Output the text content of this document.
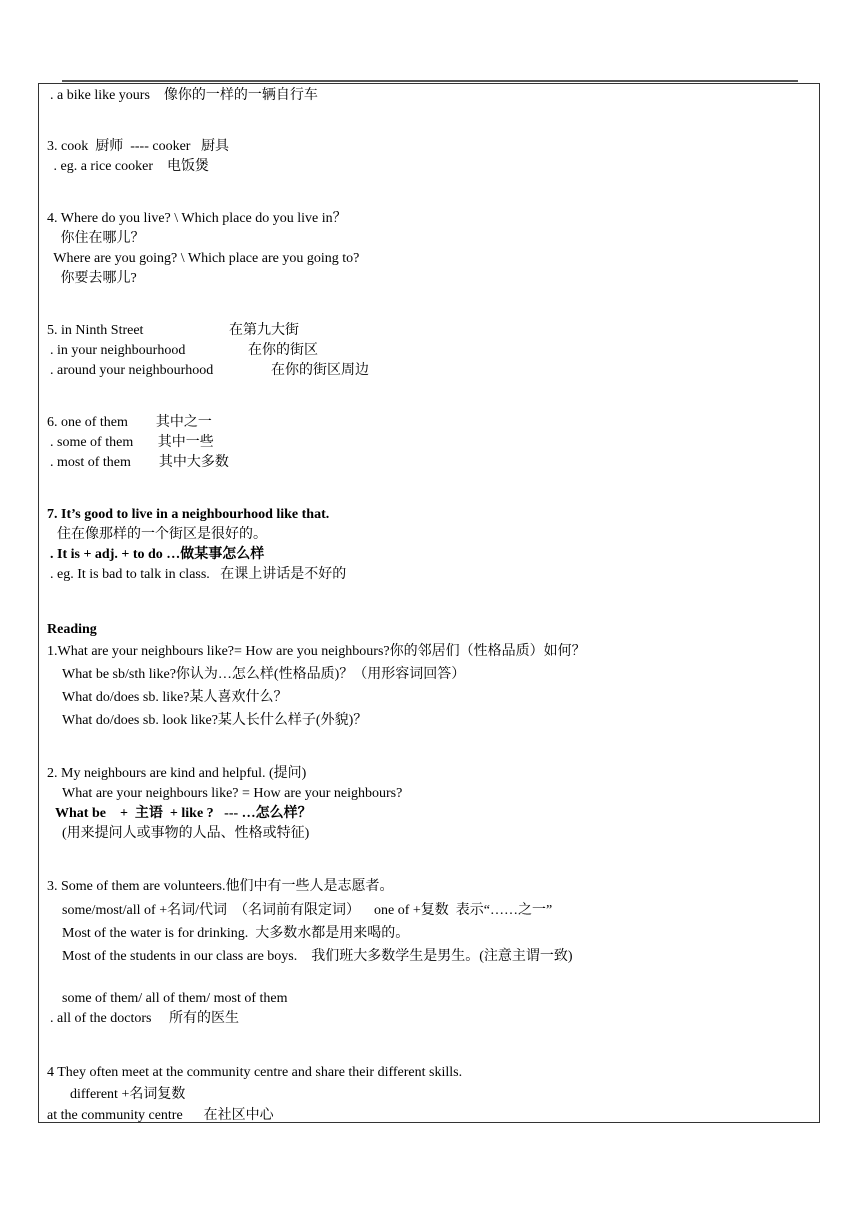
. a bike like yours    像你的一样的一辆自行车
3. cook  厨师  ---- cooker   厨具
. eg. a rice cooker    电饭煲
4. Where do you live? \ Which place do you live in？
你住在哪儿？
Where are you going? \ Which place are you going to?
你要去哪儿?
5. in Ninth Street	在第九大街
. in your neighbourhood	在你的街区
. around your neighbourhood	在你的街区周边
6. one of them        其中之一
. some of them       其中一些
. most of them        其中大多数
7. It’s good to live in a neighbourhood like that.
住在像那样的一个街区是很好的。
. It is + adj. + to do …做某事怎么样
. eg. It is bad to talk in class.   在课上讲话是不好的
Reading
1.What are your neighbours like?= How are you neighbours?你的邻居们（性格品质）如何？
What be sb/sth like?你认为…怎么样(性格品质)？（用形容词回答）
What do/does sb. like?某人喜欢什么？
What do/does sb. look like?某人长什么样子(外貌)？
2. My neighbours are kind and helpful. (提问)
What are your neighbours like? = How are your neighbours?
What be    +  主语  + like ?   --- …怎么样？
(用来提问人或事物的人品、性格或特征)
3. Some of them are volunteers.他们中有一些人是志愿者。
some/most/all of +名词/代词  （名词前有限定词）    one of +复数  表示“……之一”
Most of the water is for drinking.  大多数水都是用来喝的。
Most of the students in our class are boys.    我们班大多数学生是男生。(注意主谓一致)
some of them/ all of them/ most of them
. all of the doctors     所有的医生
4 They often meet at the community centre and share their different skills.
different +名词复数
at the community centre      在社区中心
